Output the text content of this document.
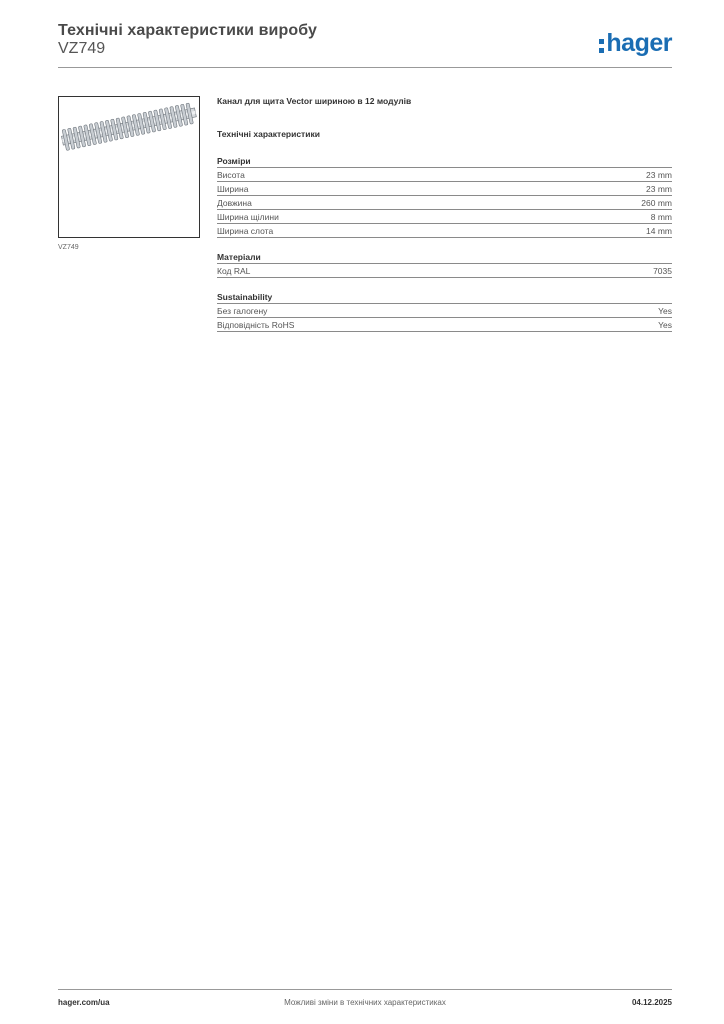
Технічні характеристики виробу
VZ749	hager
VZ749
Канал для щита Vector шириною в 12 модулів
Технічні характеристики
Розміри
Висота	23 mm
Ширина	23 mm
Довжина	260 mm
Ширина щілини	8 mm
Ширина слота	14 mm
Матеріали
Код RAL	7035
Sustainability
Без галогену	Yes
Відповідність RoHS	Yes
hager.com/ua	Можливі зміни в технічних характеристиках	04.12.2025
